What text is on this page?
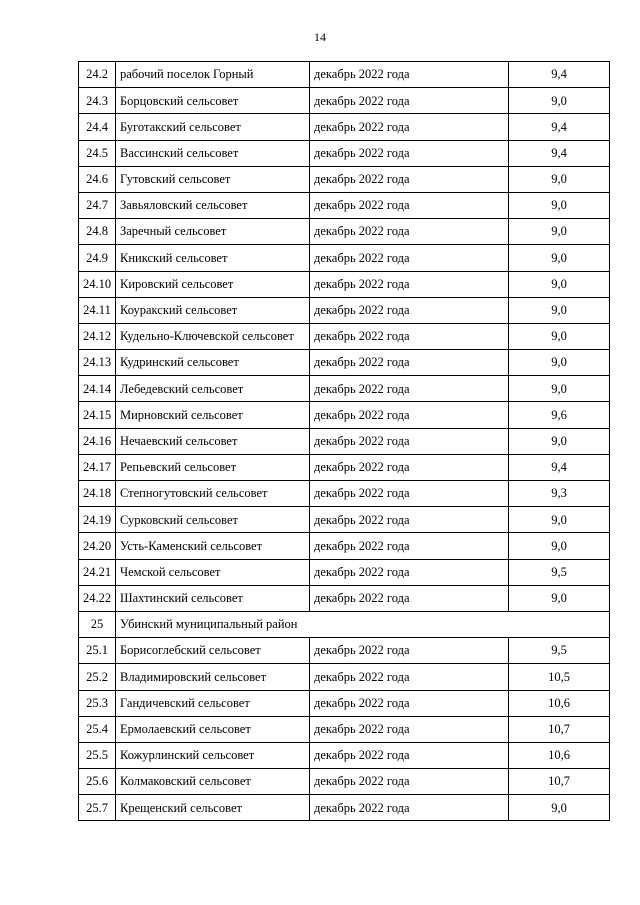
14
24.2	рабочий поселок Горный	декабрь 2022 года	9,4
24.3	Борцовский сельсовет	декабрь 2022 года	9,0
24.4	Буготакский сельсовет	декабрь 2022 года	9,4
24.5	Вассинский сельсовет	декабрь 2022 года	9,4
24.6	Гутовский сельсовет	декабрь 2022 года	9,0
24.7	Завьяловский сельсовет	декабрь 2022 года	9,0
24.8	Заречный сельсовет	декабрь 2022 года	9,0
24.9	Кникский сельсовет	декабрь 2022 года	9,0
24.10	Кировский сельсовет	декабрь 2022 года	9,0
24.11	Коуракский сельсовет	декабрь 2022 года	9,0
24.12	Кудельно-Ключевской сельсовет	декабрь 2022 года	9,0
24.13	Кудринский сельсовет	декабрь 2022 года	9,0
24.14	Лебедевский сельсовет	декабрь 2022 года	9,0
24.15	Мирновский сельсовет	декабрь 2022 года	9,6
24.16	Нечаевский сельсовет	декабрь 2022 года	9,0
24.17	Репьевский сельсовет	декабрь 2022 года	9,4
24.18	Степногутовский сельсовет	декабрь 2022 года	9,3
24.19	Сурковский сельсовет	декабрь 2022 года	9,0
24.20	Усть-Каменский сельсовет	декабрь 2022 года	9,0
24.21	Чемской сельсовет	декабрь 2022 года	9,5
24.22	Шахтинский сельсовет	декабрь 2022 года	9,0
25	Убинский муниципальный район		
25.1	Борисоглебский сельсовет	декабрь 2022 года	9,5
25.2	Владимировский сельсовет	декабрь 2022 года	10,5
25.3	Гандичевский сельсовет	декабрь 2022 года	10,6
25.4	Ермолаевский сельсовет	декабрь 2022 года	10,7
25.5	Кожурлинский сельсовет	декабрь 2022 года	10,6
25.6	Колмаковский сельсовет	декабрь 2022 года	10,7
25.7	Крещенский сельсовет	декабрь 2022 года	9,0
